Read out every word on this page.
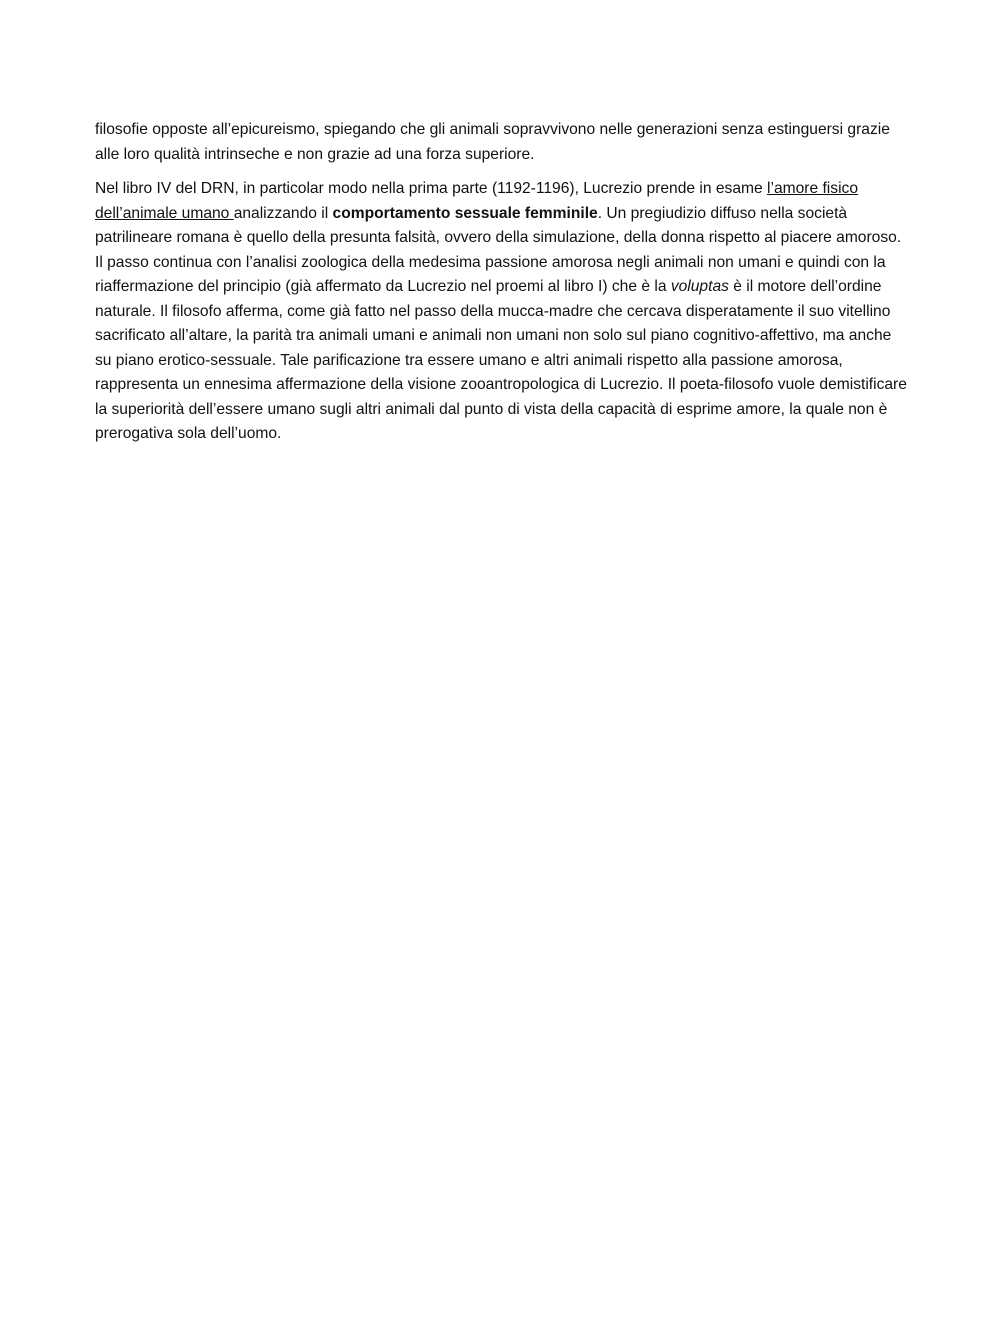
filosofie opposte all’epicureismo, spiegando che gli animali sopravvivono nelle generazioni senza estinguersi grazie alle loro qualità intrinseche e non grazie ad una forza superiore.

Nel libro IV del DRN, in particolar modo nella prima parte (1192-1196), Lucrezio prende in esame l’amore fisico dell’animale umano analizzando il comportamento sessuale femminile. Un pregiudizio diffuso nella società patrilineare romana è quello della presunta falsità, ovvero della simulazione, della donna rispetto al piacere amoroso. Il passo continua con l’analisi zoologica della medesima passione amorosa negli animali non umani e quindi con la riaffermazione del principio (già affermato da Lucrezio nel proemi al libro I) che è la voluptas è il motore dell’ordine naturale. Il filosofo afferma, come già fatto nel passo della mucca-madre che cercava disperatamente il suo vitellino sacrificato all’altare, la parità tra animali umani e animali non umani non solo sul piano cognitivo-affettivo, ma anche su piano erotico-sessuale. Tale parificazione tra essere umano e altri animali rispetto alla passione amorosa, rappresenta un ennesima affermazione della visione zooantropologica di Lucrezio. Il poeta-filosofo vuole demistificare la superiorità dell’essere umano sugli altri animali dal punto di vista della capacità di esprime amore, la quale non è prerogativa sola dell’uomo.
